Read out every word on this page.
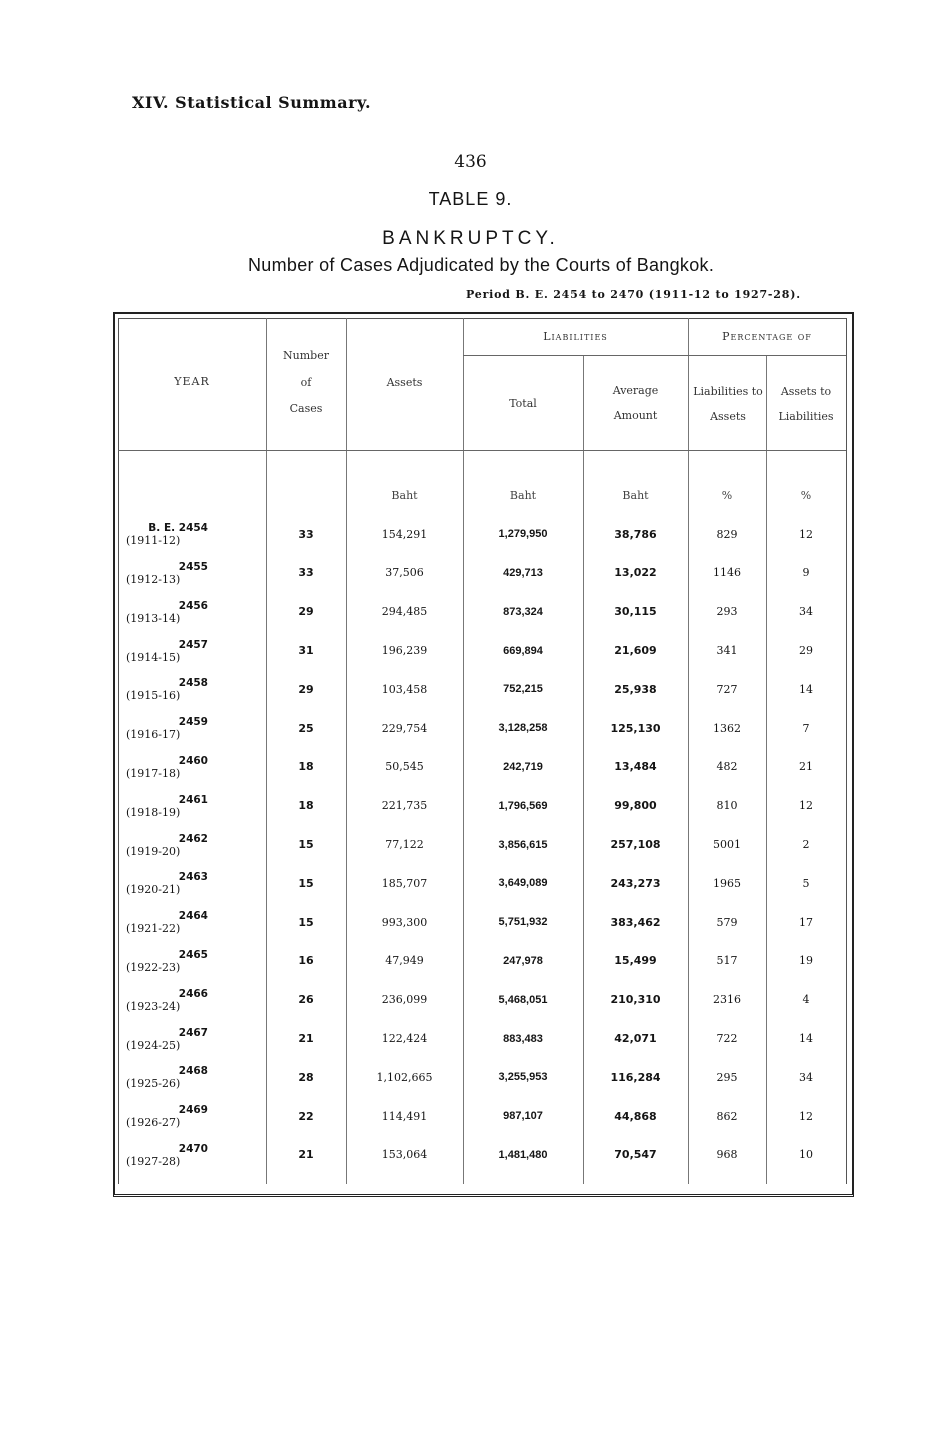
XIV. Statistical Summary.
436
TABLE 9.
BANKRUPTCY.
Number of Cases Adjudicated by the Courts of Bangkok.
Period B. E. 2454 to 2470 (1911-12 to 1927-28).
YEAR
Number
of
Cases
Assets
Liabilities
Total
Average
Amount
Percentage of
Liabilities to
Assets
Assets to
Liabilities
		Baht	Baht	Baht	%	%
B. E. 2454(1911-12)	33	154,291	1,279,950	38,786	829	12
2455(1912-13)	33	37,506	429,713	13,022	1146	9
2456(1913-14)	29	294,485	873,324	30,115	293	34
2457(1914-15)	31	196,239	669,894	21,609	341	29
2458(1915-16)	29	103,458	752,215	25,938	727	14
2459(1916-17)	25	229,754	3,128,258	125,130	1362	7
2460(1917-18)	18	50,545	242,719	13,484	482	21
2461(1918-19)	18	221,735	1,796,569	99,800	810	12
2462(1919-20)	15	77,122	3,856,615	257,108	5001	2
2463(1920-21)	15	185,707	3,649,089	243,273	1965	5
2464(1921-22)	15	993,300	5,751,932	383,462	579	17
2465(1922-23)	16	47,949	247,978	15,499	517	19
2466(1923-24)	26	236,099	5,468,051	210,310	2316	4
2467(1924-25)	21	122,424	883,483	42,071	722	14
2468(1925-26)	28	1,102,665	3,255,953	116,284	295	34
2469(1926-27)	22	114,491	987,107	44,868	862	12
2470(1927-28)	21	153,064	1,481,480	70,547	968	10
